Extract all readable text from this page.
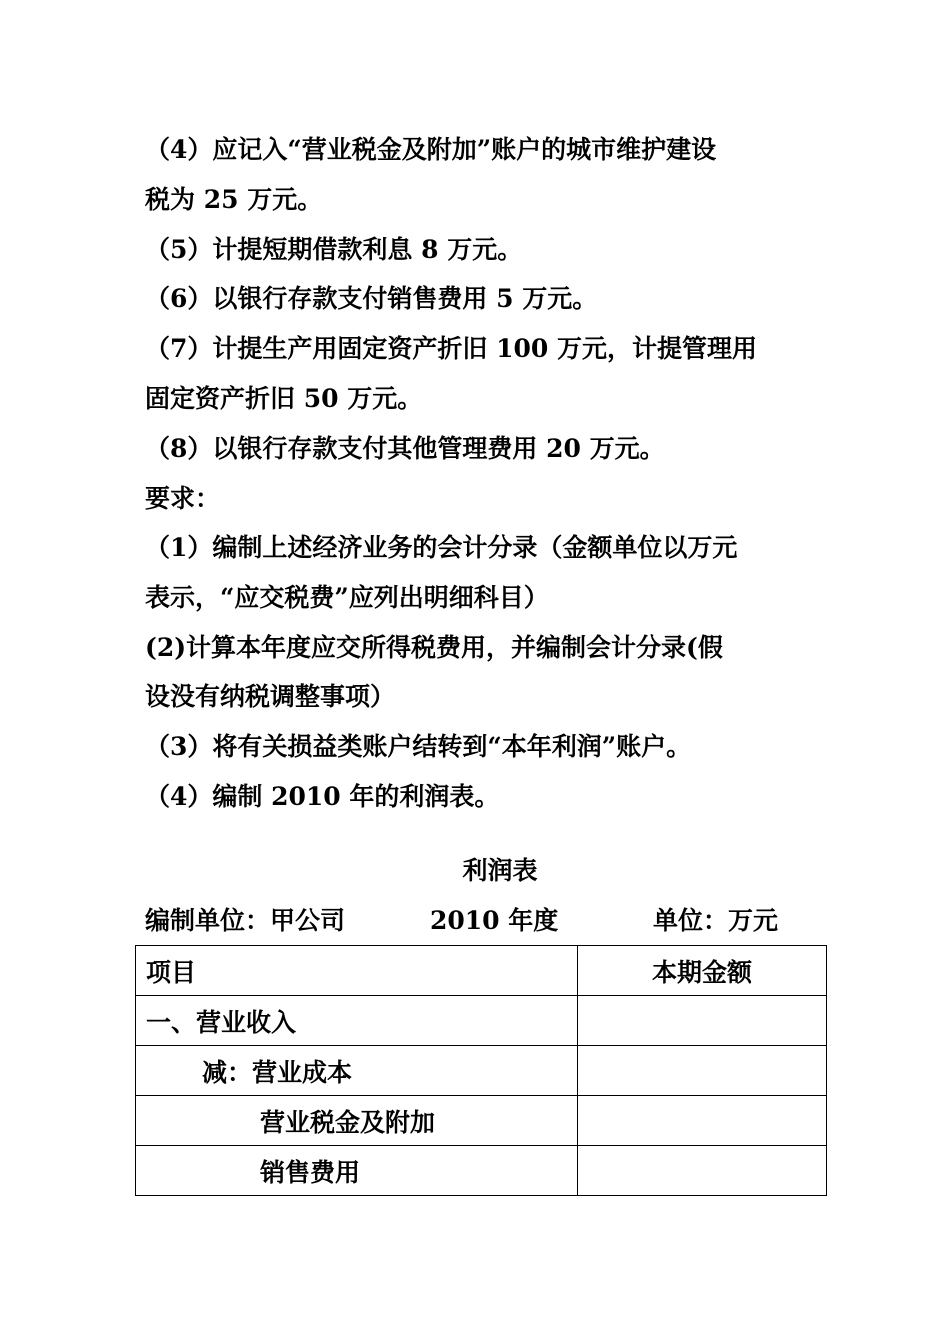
（4）应记入“营业税金及附加”账户的城市维护建设
税为 25 万元。
（5）计提短期借款利息 8 万元。
（6）以银行存款支付销售费用 5 万元。
（7）计提生产用固定资产折旧 100 万元，计提管理用
固定资产折旧 50 万元。
（8）以银行存款支付其他管理费用 20 万元。
要求：
（1）编制上述经济业务的会计分录（金额单位以万元
表示，“应交税费”应列出明细科目）
(2)计算本年度应交所得税费用，并编制会计分录(假
设没有纳税调整事项）
（3）将有关损益类账户结转到“本年利润”账户。
（4）编制 2010 年的利润表。
利润表
编制单位：甲公司	2010 年度	单位：万元
项目	本期金额
一、营业收入	
减：营业成本	
营业税金及附加	
销售费用	
